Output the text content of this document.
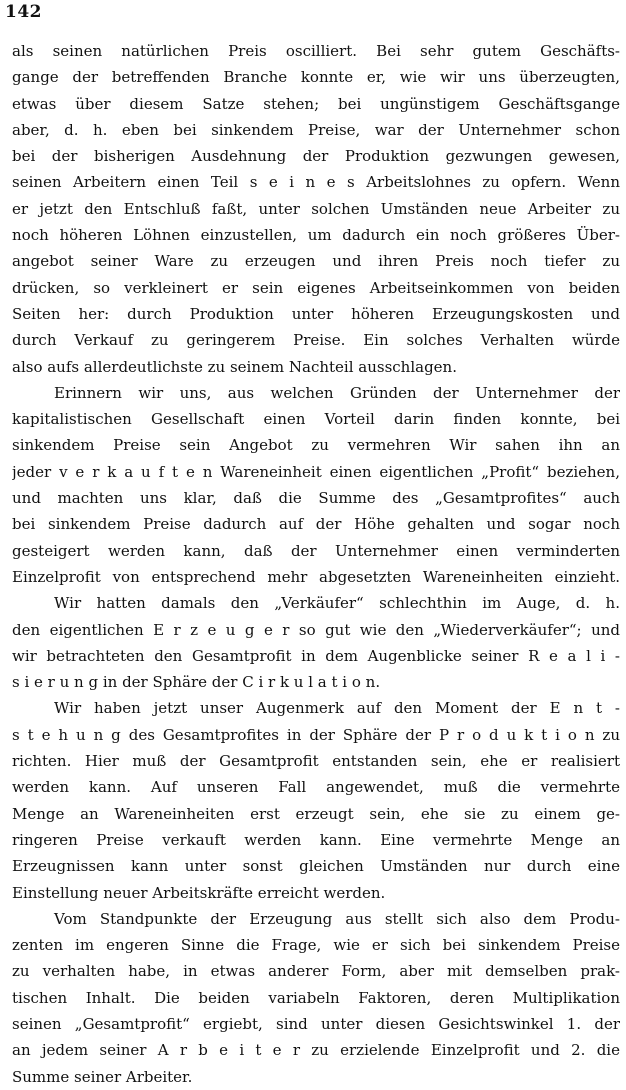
142
als seinen natürlichen Preis oscilliert. Bei sehr gutem Geschäfts-
gange der betreffenden Branche konnte er, wie wir uns überzeugten,
etwas über diesem Satze stehen; bei ungünstigem Geschäftsgange
aber, d. h. eben bei sinkendem Preise, war der Unternehmer schon
bei der bisherigen Ausdehnung der Produktion gezwungen gewesen,
seinen Arbeitern einen Teil s e i n e s Arbeitslohnes zu opfern. Wenn
er jetzt den Entschluß faßt, unter solchen Umständen neue Arbeiter zu
noch höheren Löhnen einzustellen, um dadurch ein noch größeres Über-
angebot seiner Ware zu erzeugen und ihren Preis noch tiefer zu
drücken, so verkleinert er sein eigenes Arbeitseinkommen von beiden
Seiten her: durch Produktion unter höheren Erzeugungskosten und
durch Verkauf zu geringerem Preise. Ein solches Verhalten würde
also aufs allerdeutlichste zu seinem Nachteil ausschlagen.
Erinnern wir uns, aus welchen Gründen der Unternehmer der
kapitalistischen Gesellschaft einen Vorteil darin finden konnte, bei
sinkendem Preise sein Angebot zu vermehren Wir sahen ihn an
jeder v e r k a u f t e n Wareneinheit einen eigentlichen „Profit“ beziehen,
und machten uns klar, daß die Summe des „Gesamtprofites“ auch
bei sinkendem Preise dadurch auf der Höhe gehalten und sogar noch
gesteigert werden kann, daß der Unternehmer einen verminderten
Einzelprofit von entsprechend mehr abgesetzten Wareneinheiten einzieht.
Wir hatten damals den „Verkäufer“ schlechthin im Auge, d. h.
den eigentlichen E r z e u g e r so gut wie den „Wiederverkäufer“; und
wir betrachteten den Gesamtprofit in dem Augenblicke seiner R e a l i -
s i e r u n g in der Sphäre der C i r k u l a t i o n.
Wir haben jetzt unser Augenmerk auf den Moment der E n t -
s t e h u n g des Gesamtprofites in der Sphäre der P r o d u k t i o n zu
richten. Hier muß der Gesamtprofit entstanden sein, ehe er realisiert
werden kann. Auf unseren Fall angewendet, muß die vermehrte
Menge an Wareneinheiten erst erzeugt sein, ehe sie zu einem ge-
ringeren Preise verkauft werden kann. Eine vermehrte Menge an
Erzeugnissen kann unter sonst gleichen Umständen nur durch eine
Einstellung neuer Arbeitskräfte erreicht werden.
Vom Standpunkte der Erzeugung aus stellt sich also dem Produ-
zenten im engeren Sinne die Frage, wie er sich bei sinkendem Preise
zu verhalten habe, in etwas anderer Form, aber mit demselben prak-
tischen Inhalt. Die beiden variabeln Faktoren, deren Multiplikation
seinen „Gesamtprofit“ ergiebt, sind unter diesen Gesichtswinkel 1. der
an jedem seiner A r b e i t e r zu erzielende Einzelprofit und 2. die
Summe seiner Arbeiter.
